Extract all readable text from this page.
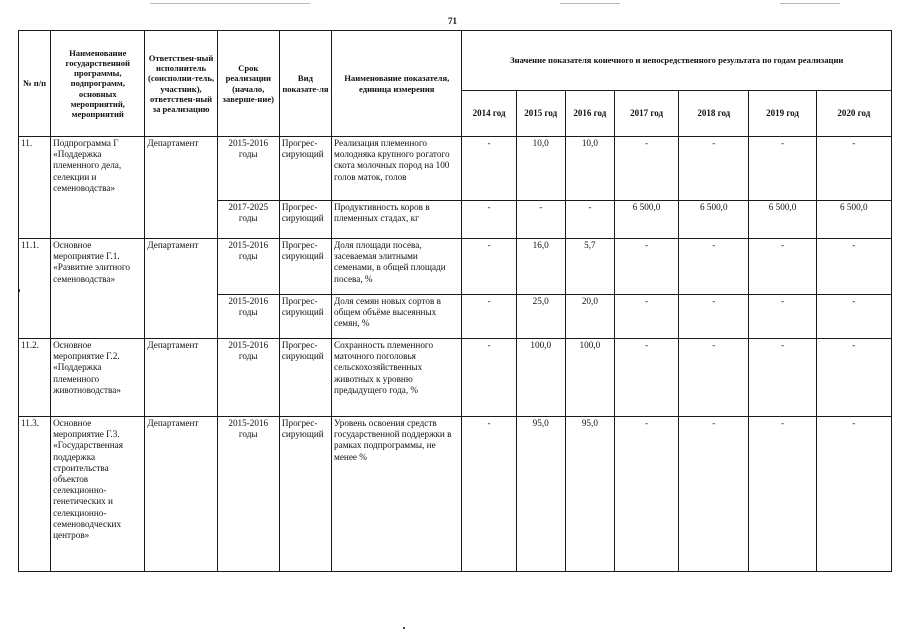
71
№ п/п	Наименование государственной программы, подпрограмм, основных мероприятий, мероприятий	Ответствен-ный исполнитель (соисполни-тель, участник), ответствен-ный за реализацию	Срок реализации (начало, заверше-ние)	Вид показате-ля	Наименование показателя, единица измерения	Значение показателя конечного и непосредственного результата по годам реализации						
						2014 год	2015 год	2016 год	2017 год	2018 год	2019 год	2020 год
11.	Подпрограмма Г «Поддержка племенного дела, селекции и семеноводства»	Департамент	2015-2016 годы	Прогрес-сирующий	Реализация племенного молодняка крупного рогатого скота молочных пород на 100 голов маток, голов	-	10,0	10,0	-	-	-	-
			2017-2025 годы	Прогрес-сирующий	Продуктивность коров в племенных стадах, кг	-	-	-	6 500,0	6 500,0	6 500,0	6 500,0
11.1.	Основное мероприятие Г.1. «Развитие элитного семеноводства»	Департамент	2015-2016 годы	Прогрес-сирующий	Доля площади посева, засеваемая элитными семенами, в общей площади посева, %	-	16,0	5,7	-	-	-	-
			2015-2016 годы	Прогрес-сирующий	Доля семян новых сортов в общем объёме высеянных семян, %	-	25,0	20,0	-	-	-	-
11.2.	Основное мероприятие Г.2. «Поддержка племенного животноводства»	Департамент	2015-2016 годы	Прогрес-сирующий	Сохранность племенного маточного поголовья сельскохозяйственных животных к уровню предыдущего года, %	-	100,0	100,0	-	-	-	-
11.3.	Основное мероприятие Г.3. «Государственная поддержка строительства объектов селекционно-генетических и селекционно-семеноводческих центров»	Департамент	2015-2016 годы	Прогрес-сирующий	Уровень освоения средств государственной поддержки в рамках подпрограммы, не менее %	-	95,0	95,0	-	-	-	-
